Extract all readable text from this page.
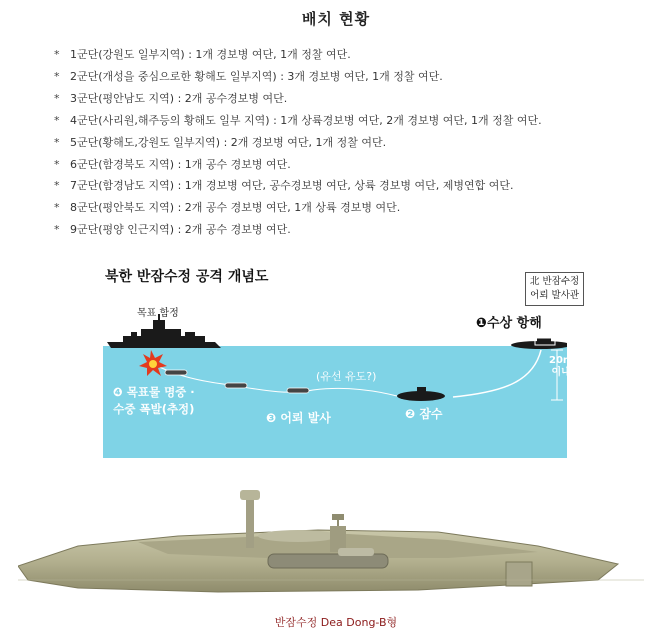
배치 현황
* 1군단(강원도 일부지역) : 1개 경보병 여단, 1개 정찰 여단.
* 2군단(개성을 중심으로한 황해도 일부지역) : 3개 경보병 여단, 1개 정찰 여단.
* 3군단(평안남도 지역) : 2개 공수경보병 여단.
* 4군단(사리원,해주등의 황해도 일부 지역) : 1개 상륙경보병 여단, 2개 경보병 여단, 1개 정찰 여단.
* 5군단(황해도,강원도 일부지역) : 2개 경보병 여단, 1개 정찰 여단.
* 6군단(함경북도 지역) : 1개 공수 경보병 여단.
* 7군단(함경남도 지역) : 1개 경보병 여단, 공수경보병 여단, 상륙 경보병 여단, 제병연합 여단.
* 8군단(평안북도 지역) : 2개 공수 경보병 여단, 1개 상륙 경보병 여단.
* 9군단(평양 인근지역) : 2개 공수 경보병 여단.
북한 반잠수정 공격 개념도
목표 함정
北 반잠수정
어뢰 발사관
❶수상 항해
(유선 유도?)
❷ 잠수
❸ 어뢰 발사
❹ 목표물 명중 ·
수중 폭발(추정)
20m
이내
반잠수정 Dea Dong-B형
